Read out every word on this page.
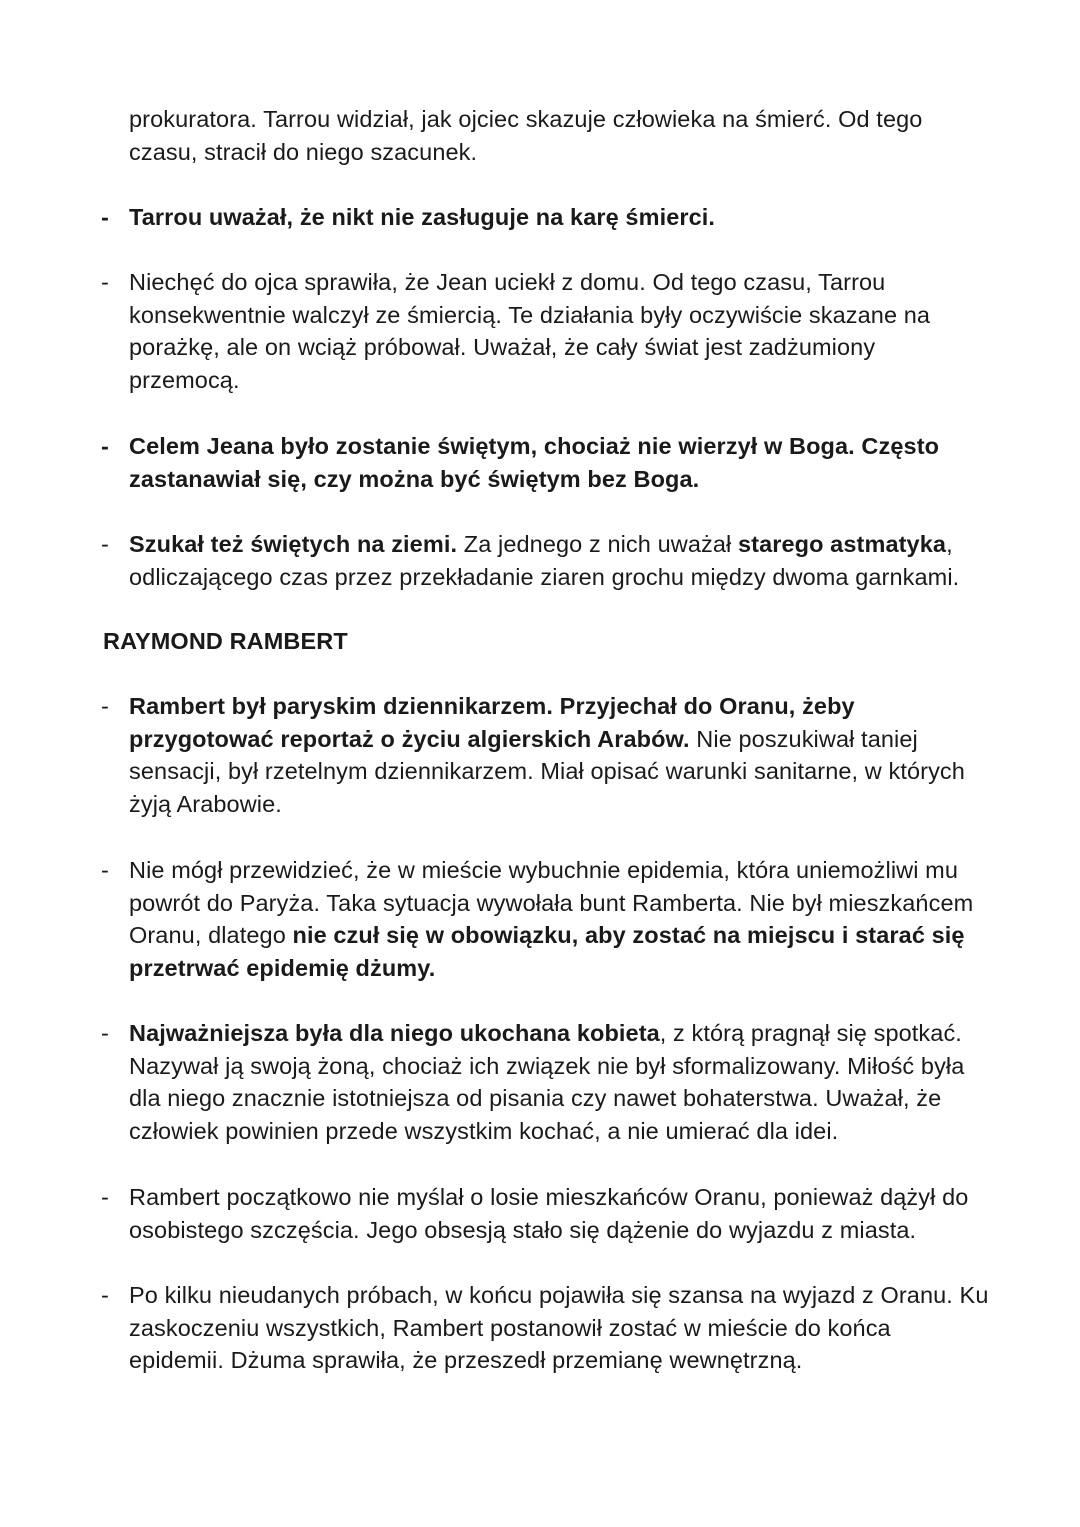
prokuratora. Tarrou widział, jak ojciec skazuje człowieka na śmierć. Od tego czasu, stracił do niego szacunek.
- Tarrou uważał, że nikt nie zasługuje na karę śmierci.
- Niechęć do ojca sprawiła, że Jean uciekł z domu. Od tego czasu, Tarrou konsekwentnie walczył ze śmiercią. Te działania były oczywiście skazane na porażkę, ale on wciąż próbował. Uważał, że cały świat jest zadżumiony przemocą.
- Celem Jeana było zostanie świętym, chociaż nie wierzył w Boga. Często zastanawiał się, czy można być świętym bez Boga.
- Szukał też świętych na ziemi. Za jednego z nich uważał starego astmatyka, odliczającego czas przez przekładanie ziaren grochu między dwoma garnkami.
RAYMOND RAMBERT
- Rambert był paryskim dziennikarzem. Przyjechał do Oranu, żeby przygotować reportaż o życiu algierskich Arabów. Nie poszukiwał taniej sensacji, był rzetelnym dziennikarzem. Miał opisać warunki sanitarne, w których żyją Arabowie.
- Nie mógł przewidzieć, że w mieście wybuchnie epidemia, która uniemożliwi mu powrót do Paryża. Taka sytuacja wywołała bunt Ramberta. Nie był mieszkańcem Oranu, dlatego nie czuł się w obowiązku, aby zostać na miejscu i starać się przetrwać epidemię dżumy.
- Najważniejsza była dla niego ukochana kobieta, z którą pragnął się spotkać. Nazywał ją swoją żoną, chociaż ich związek nie był sformalizowany. Miłość była dla niego znacznie istotniejsza od pisania czy nawet bohaterstwa. Uważał, że człowiek powinien przede wszystkim kochać, a nie umierać dla idei.
- Rambert początkowo nie myślał o losie mieszkańców Oranu, ponieważ dążył do osobistego szczęścia. Jego obsesją stało się dążenie do wyjazdu z miasta.
- Po kilku nieudanych próbach, w końcu pojawiła się szansa na wyjazd z Oranu. Ku zaskoczeniu wszystkich, Rambert postanowił zostać w mieście do końca epidemii. Dżuma sprawiła, że przeszedł przemianę wewnętrzną.
